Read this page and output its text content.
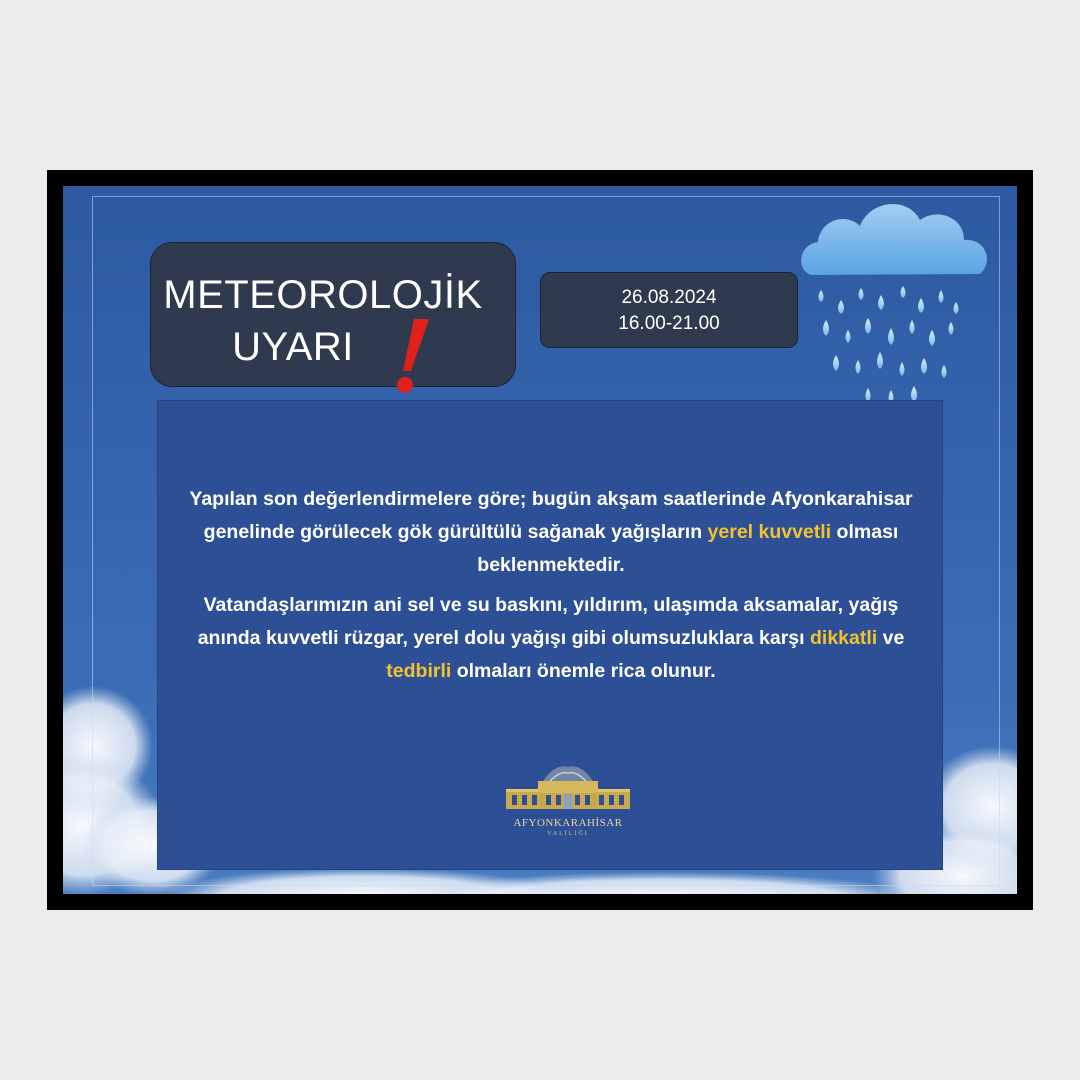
METEOROLOJİK
UYARI
26.08.2024
16.00-21.00
Yapılan son değerlendirmelere göre; bugün akşam saatlerinde Afyonkarahisar genelinde görülecek gök gürültülü sağanak yağışların yerel kuvvetli olması beklenmektedir.
Vatandaşlarımızın ani sel ve su baskını, yıldırım, ulaşımda aksamalar, yağış anında kuvvetli rüzgar, yerel dolu yağışı gibi olumsuzluklara karşı dikkatli ve tedbirli olmaları önemle rica olunur.
AFYONKARAHİSAR
VALİLİĞİ
